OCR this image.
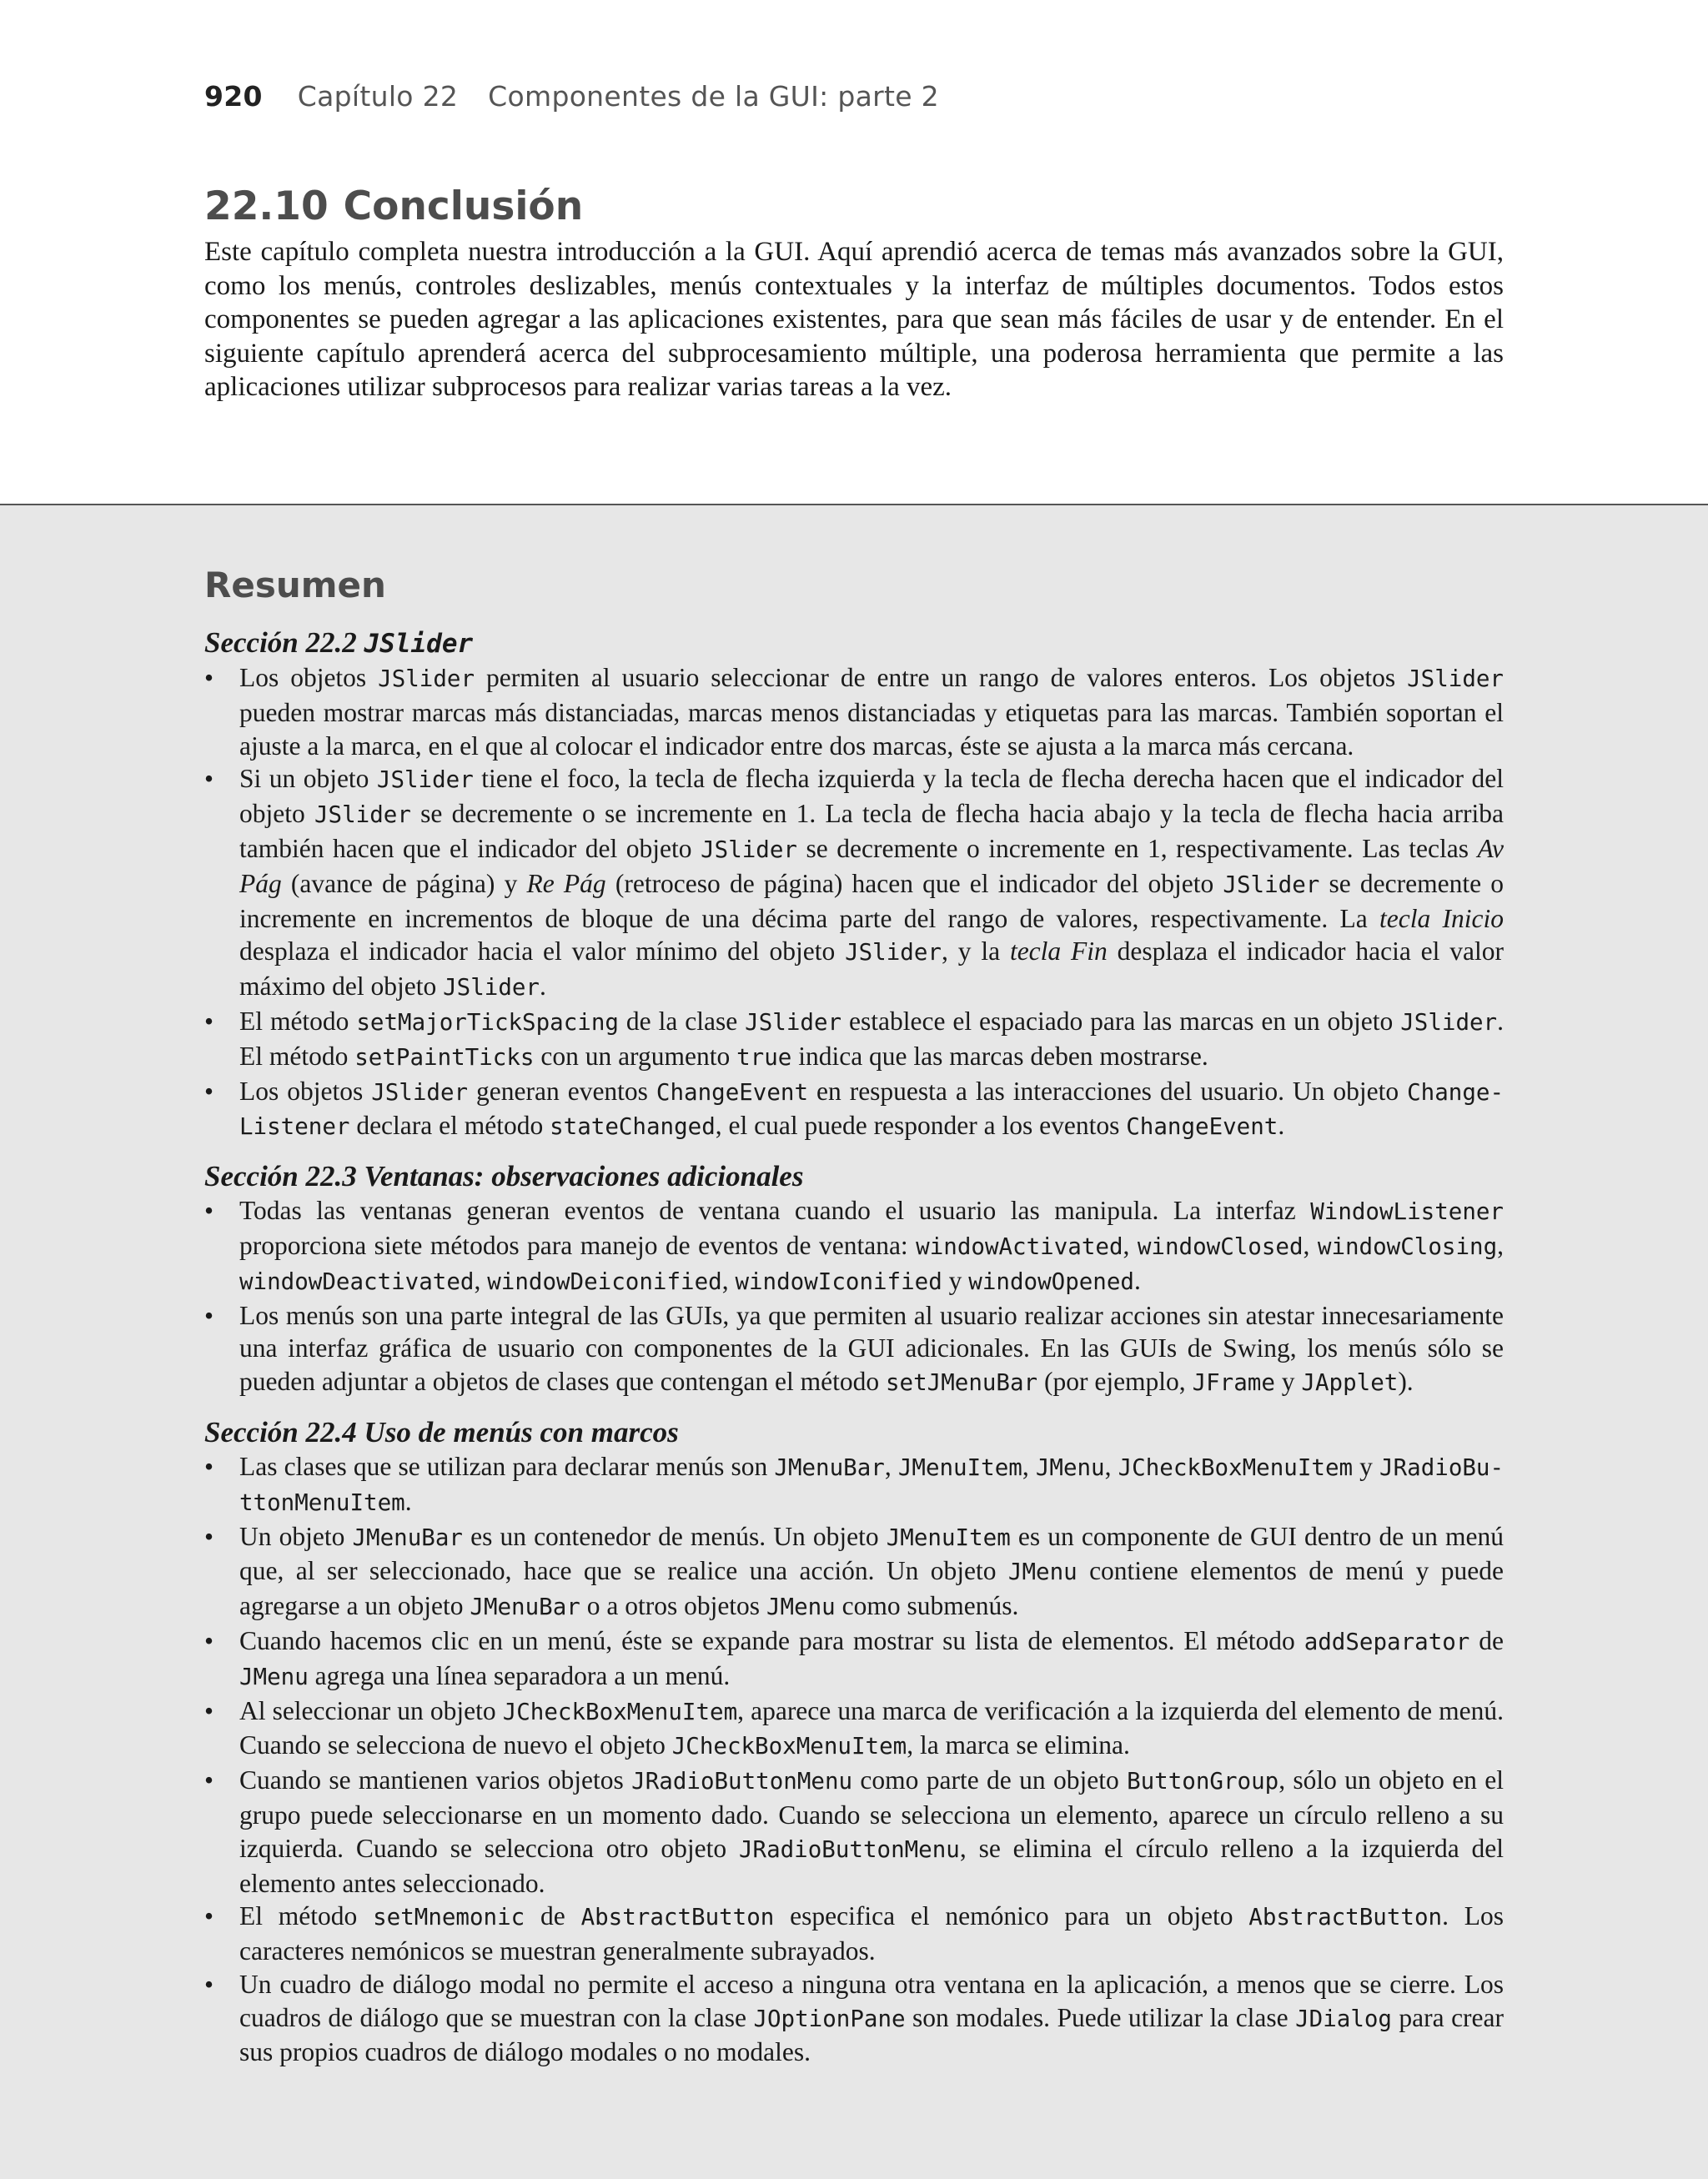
920 Capítulo 22 Componentes de la GUI: parte 2
22.10 Conclusión

Este capítulo completa nuestra introducción a la GUI. Aquí aprendió acerca de temas más avanzados sobre la GUI, como los menús, controles deslizables, menús contextuales y la interfaz de múltiples documentos. Todos estos componentes se pueden agregar a las aplicaciones existentes, para que sean más fáciles de usar y de entender. En el siguiente capítulo aprenderá acerca del subprocesamiento múltiple, una poderosa herramienta que permite a las aplicaciones utilizar subprocesos para realizar varias tareas a la vez.

Resumen
Sección 22.2 JSlider
• Los objetos JSlider permiten al usuario seleccionar de entre un rango de valores enteros. Los objetos JSlider pueden mostrar marcas más distanciadas, marcas menos distanciadas y etiquetas para las marcas. También soportan el ajuste a la marca, en el que al colocar el indicador entre dos marcas, éste se ajusta a la marca más cercana.
• Si un objeto JSlider tiene el foco, la tecla de flecha izquierda y la tecla de flecha derecha hacen que el indicador del objeto JSlider se decremente o se incremente en 1. La tecla de flecha hacia abajo y la tecla de flecha hacia arriba también hacen que el indicador del objeto JSlider se decremente o incremente en 1, respectivamente. Las teclas Av Pág (avance de página) y Re Pág (retroceso de página) hacen que el indicador del objeto JSlider se decremente o incremente en incrementos de bloque de una décima parte del rango de valores, respectivamente. La tecla Inicio desplaza el indicador hacia el valor mínimo del objeto JSlider, y la tecla Fin desplaza el indicador hacia el valor máximo del objeto JSlider.
• El método setMajorTickSpacing de la clase JSlider establece el espaciado para las marcas en un objeto JSlider. El método setPaintTicks con un argumento true indica que las marcas deben mostrarse.
• Los objetos JSlider generan eventos ChangeEvent en respuesta a las interacciones del usuario. Un objeto Change-Listener declara el método stateChanged, el cual puede responder a los eventos ChangeEvent.
Sección 22.3 Ventanas: observaciones adicionales
• Todas las ventanas generan eventos de ventana cuando el usuario las manipula. La interfaz WindowListener proporciona siete métodos para manejo de eventos de ventana: windowActivated, windowClosed, windowClosing, windowDeactivated, windowDeiconified, windowIconified y windowOpened.
• Los menús son una parte integral de las GUIs, ya que permiten al usuario realizar acciones sin atestar innecesariamente una interfaz gráfica de usuario con componentes de la GUI adicionales. En las GUIs de Swing, los menús sólo se pueden adjuntar a objetos de clases que contengan el método setJMenuBar (por ejemplo, JFrame y JApplet).
Sección 22.4 Uso de menús con marcos
• Las clases que se utilizan para declarar menús son JMenuBar, JMenuItem, JMenu, JCheckBoxMenuItem y JRadioBu-ttonMenuItem.
• Un objeto JMenuBar es un contenedor de menús. Un objeto JMenuItem es un componente de GUI dentro de un menú que, al ser seleccionado, hace que se realice una acción. Un objeto JMenu contiene elementos de menú y puede agregarse a un objeto JMenuBar o a otros objetos JMenu como submenús.
• Cuando hacemos clic en un menú, éste se expande para mostrar su lista de elementos. El método addSeparator de JMenu agrega una línea separadora a un menú.
• Al seleccionar un objeto JCheckBoxMenuItem, aparece una marca de verificación a la izquierda del elemento de menú. Cuando se selecciona de nuevo el objeto JCheckBoxMenuItem, la marca se elimina.
• Cuando se mantienen varios objetos JRadioButtonMenu como parte de un objeto ButtonGroup, sólo un objeto en el grupo puede seleccionarse en un momento dado. Cuando se selecciona un elemento, aparece un círculo relleno a su izquierda. Cuando se selecciona otro objeto JRadioButtonMenu, se elimina el círculo relleno a la izquierda del elemento antes seleccionado.
• El método setMnemonic de AbstractButton especifica el nemónico para un objeto AbstractButton. Los caracteres nemónicos se muestran generalmente subrayados.
• Un cuadro de diálogo modal no permite el acceso a ninguna otra ventana en la aplicación, a menos que se cierre. Los cuadros de diálogo que se muestran con la clase JOptionPane son modales. Puede utilizar la clase JDialog para crear sus propios cuadros de diálogo modales o no modales.
